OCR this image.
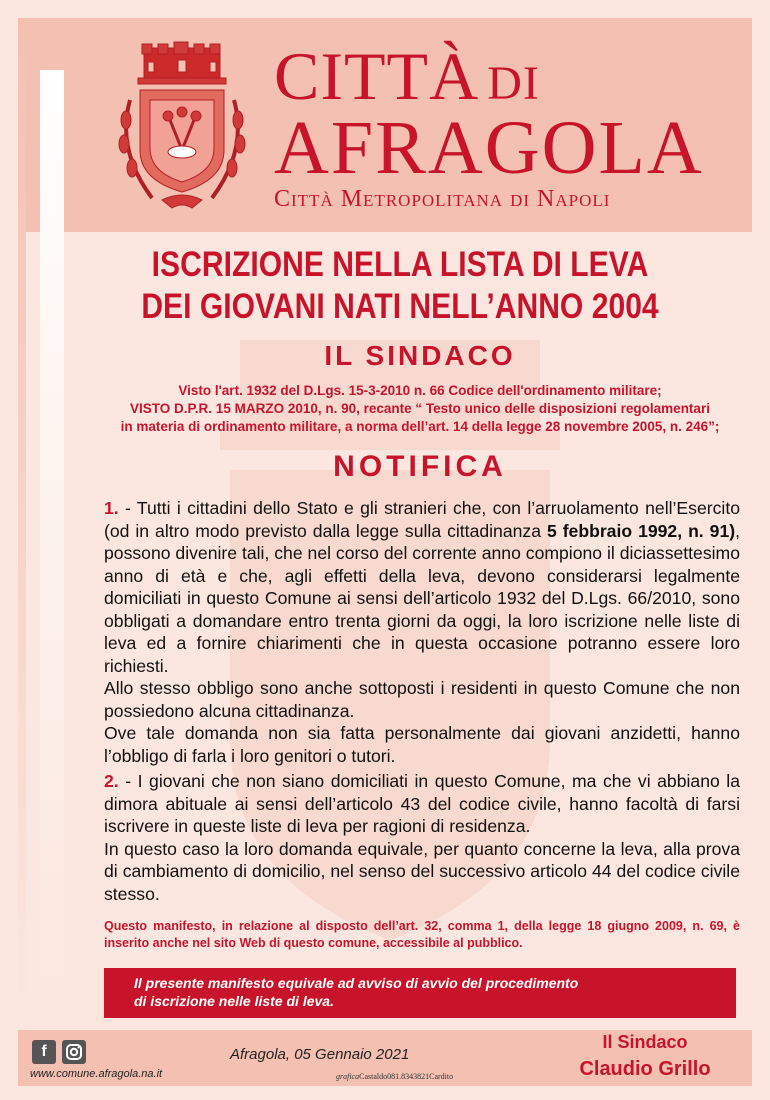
CITTÀ DI
AFRAGOLA
Città Metropolitana di Napoli
ISCRIZIONE NELLA LISTA DI LEVA
DEI GIOVANI NATI NELL’ANNO 2004
IL SINDACO
Visto l'art. 1932 del D.Lgs. 15-3-2010 n. 66 Codice dell'ordinamento militare;
VISTO D.P.R. 15 MARZO 2010, n. 90, recante “ Testo unico delle disposizioni regolamentari
in materia di ordinamento militare, a norma dell’art. 14 della legge 28 novembre 2005, n. 246”;
NOTIFICA
1. - Tutti i cittadini dello Stato e gli stranieri che, con l’arruolamento nell’Esercito (od in altro modo previsto dalla legge sulla cittadinanza 5 febbraio 1992, n. 91), possono divenire tali, che nel corso del corrente anno compiono il diciassettesimo anno di età e che, agli effetti della leva, devono considerarsi legalmente domiciliati in questo Comune ai sensi dell’articolo 1932 del D.Lgs. 66/2010, sono obbligati a domandare entro trenta giorni da oggi, la loro iscrizione nelle liste di leva ed a fornire chiarimenti che in questa occasione potranno essere loro richiesti.
Allo stesso obbligo sono anche sottoposti i residenti in questo Comune che non possiedono alcuna cittadinanza.
Ove tale domanda non sia fatta personalmente dai giovani anzidetti, hanno l’obbligo di farla i loro genitori o tutori.
2. - I giovani che non siano domiciliati in questo Comune, ma che vi abbiano la dimora abituale ai sensi dell’articolo 43 del codice civile, hanno facoltà di farsi iscrivere in queste liste di leva per ragioni di residenza.
In questo caso la loro domanda equivale, per quanto concerne la leva, alla prova di cambiamento di domicilio, nel senso del successivo articolo 44 del codice civile stesso.
Questo manifesto, in relazione al disposto dell’art. 32, comma 1, della legge 18 giugno 2009, n. 69, è inserito anche nel sito Web di questo comune, accessibile al pubblico.
Il presente manifesto equivale ad avviso di avvio del procedimento
di iscrizione nelle liste di leva.
f
www.comune.afragola.na.it
Afragola, 05 Gennaio 2021
graficaCastaldo081.8343821Cardito
Il Sindaco
Claudio Grillo
